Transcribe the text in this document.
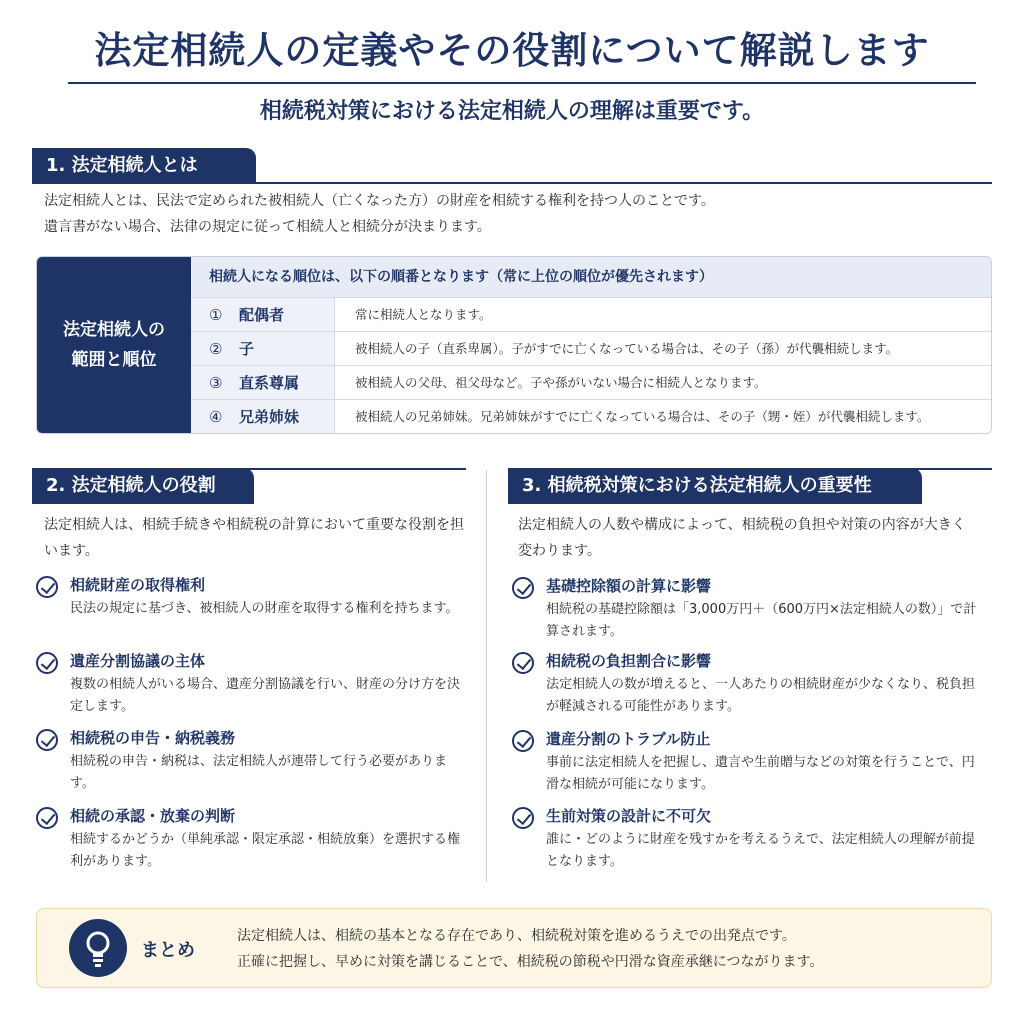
法定相続人の定義やその役割について解説します
相続税対策における法定相続人の理解は重要です。
1. 法定相続人とは
法定相続人とは、民法で定められた被相続人（亡くなった方）の財産を相続する権利を持つ人のことです。
遺言書がない場合、法律の規定に従って相続人と相続分が決まります。
法定相続人の
範囲と順位
相続人になる順位は、以下の順番となります（常に上位の順位が優先されます）
① 配偶者	常に相続人となります。
② 子	被相続人の子（直系卑属）。子がすでに亡くなっている場合は、その子（孫）が代襲相続します。
③ 直系尊属	被相続人の父母、祖父母など。子や孫がいない場合に相続人となります。
④ 兄弟姉妹	被相続人の兄弟姉妹。兄弟姉妹がすでに亡くなっている場合は、その子（甥・姪）が代襲相続します。
2. 法定相続人の役割
法定相続人は、相続手続きや相続税の計算において重要な役割を担います。
相続財産の取得権利
民法の規定に基づき、被相続人の財産を取得する権利を持ちます。
遺産分割協議の主体
複数の相続人がいる場合、遺産分割協議を行い、財産の分け方を決定します。
相続税の申告・納税義務
相続税の申告・納税は、法定相続人が連帯して行う必要があります。
相続の承認・放棄の判断
相続するかどうか（単純承認・限定承認・相続放棄）を選択する権利があります。
3. 相続税対策における法定相続人の重要性
法定相続人の人数や構成によって、相続税の負担や対策の内容が大きく変わります。
基礎控除額の計算に影響
相続税の基礎控除額は「3,000万円＋（600万円×法定相続人の数）」で計算されます。
相続税の負担割合に影響
法定相続人の数が増えると、一人あたりの相続財産が少なくなり、税負担が軽減される可能性があります。
遺産分割のトラブル防止
事前に法定相続人を把握し、遺言や生前贈与などの対策を行うことで、円滑な相続が可能になります。
生前対策の設計に不可欠
誰に・どのように財産を残すかを考えるうえで、法定相続人の理解が前提となります。
まとめ
法定相続人は、相続の基本となる存在であり、相続税対策を進めるうえでの出発点です。
正確に把握し、早めに対策を講じることで、相続税の節税や円滑な資産承継につながります。
